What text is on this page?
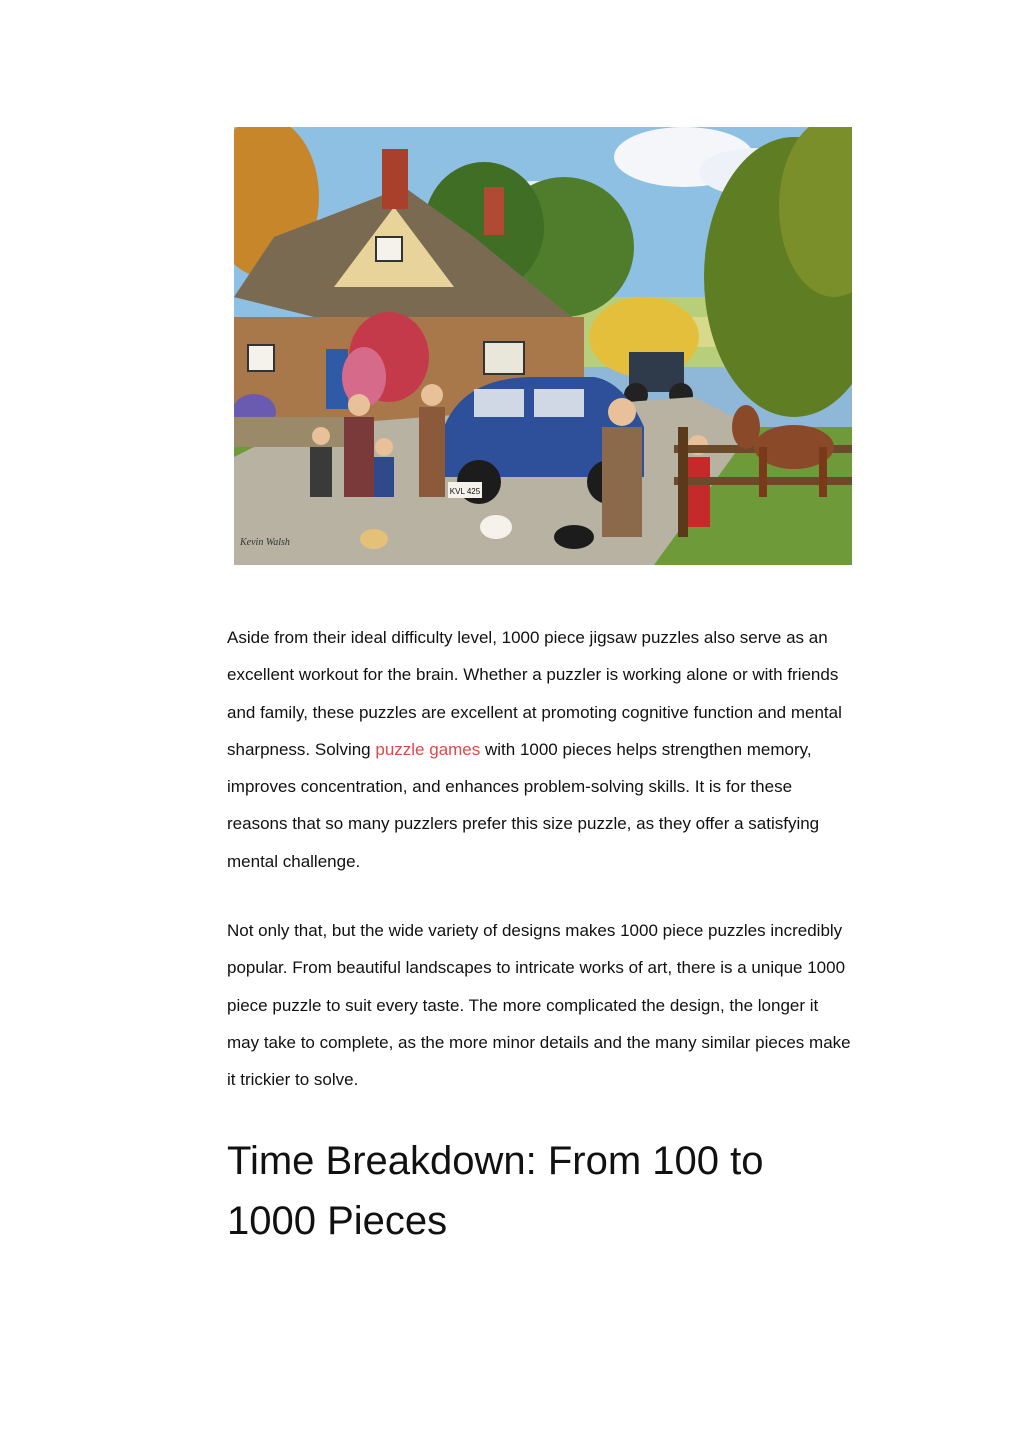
KVL 425
Kevin Walsh

Aside from their ideal difficulty level, 1000 piece jigsaw puzzles also serve as an excellent workout for the brain. Whether a puzzler is working alone or with friends and family, these puzzles are excellent at promoting cognitive function and mental sharpness. Solving puzzle games with 1000 pieces helps strengthen memory, improves concentration, and enhances problem-solving skills. It is for these reasons that so many puzzlers prefer this size puzzle, as they offer a satisfying mental challenge.

Not only that, but the wide variety of designs makes 1000 piece puzzles incredibly popular. From beautiful landscapes to intricate works of art, there is a unique 1000 piece puzzle to suit every taste. The more complicated the design, the longer it may take to complete, as the more minor details and the many similar pieces make it trickier to solve.

Time Breakdown: From 100 to 1000 Pieces
